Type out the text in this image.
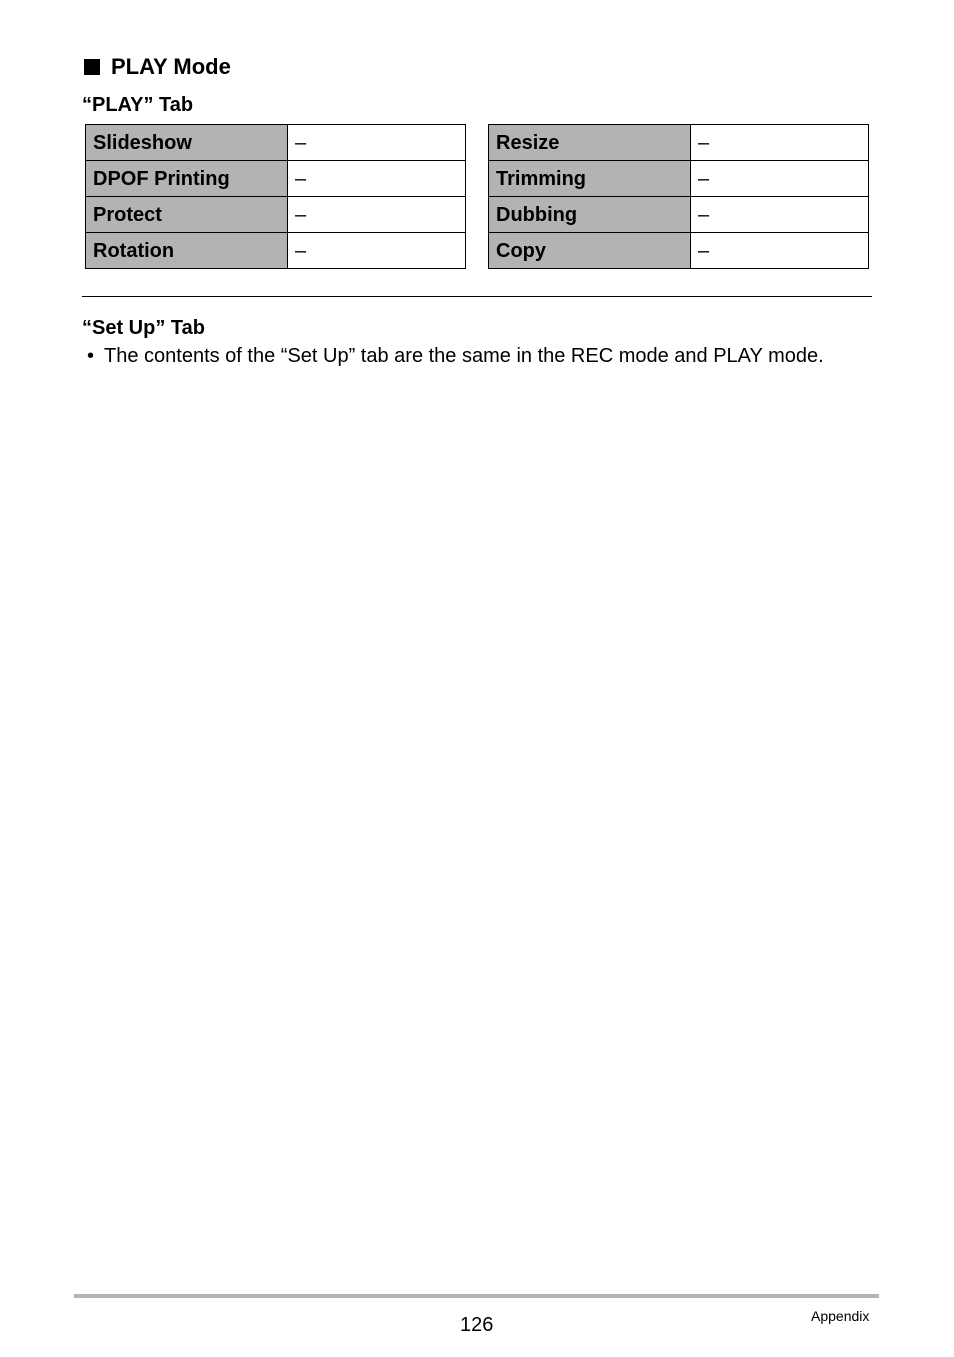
PLAY Mode
“PLAY” Tab
Slideshow	–
DPOF Printing	–
Protect	–
Rotation	–
Resize	–
Trimming	–
Dubbing	–
Copy	–
“Set Up” Tab
• The contents of the “Set Up” tab are the same in the REC mode and PLAY mode.
126	Appendix
